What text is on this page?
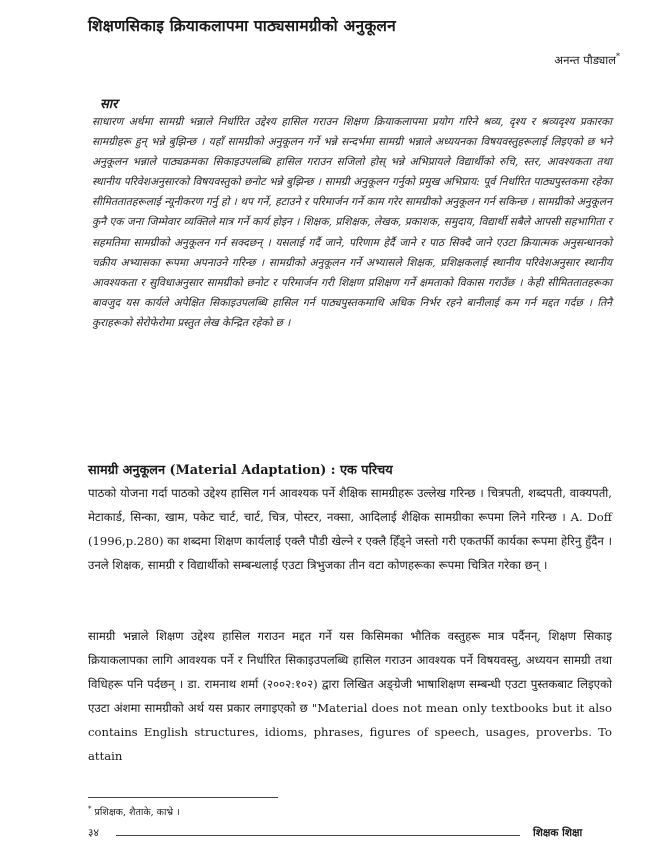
शिक्षणसिकाइ क्रियाकलापमा पाठ्यसामग्रीको अनुकूलन
अनन्त पौड्याल*
सार
साधारण अर्थमा सामग्री भन्नाले निर्धारित उद्देश्य हासिल गराउन शिक्षण क्रियाकलापमा प्रयोग गरिने श्रव्य, दृश्य र श्रव्यदृश्य प्रकारका सामग्रीहरू हुन् भन्ने बुझिन्छ । यहाँ सामग्रीको अनुकूलन गर्ने भन्ने सन्दर्भमा सामग्री भन्नाले अध्ययनका विषयवस्तुहरूलाई लिइएको छ भने अनुकूलन भन्नाले पाठ्यक्रमका सिकाइउपलब्धि हासिल गराउन सजिलो होस् भन्ने अभिप्रायले विद्यार्थीको रुचि, स्तर, आवश्यकता तथा स्थानीय परिवेशअनुसारको विषयवस्तुको छनोट भन्ने बुझिन्छ । सामग्री अनुकूलन गर्नुको प्रमुख अभिप्राय: पूर्व निर्धारित पाठ्यपुस्तकमा रहेका सीमिततातहरूलाई न्यूनीकरण गर्नु हो । थप गर्ने, हटाउने र परिमार्जन गर्ने काम गरेर सामग्रीको अनुकूलन गर्न सकिन्छ । सामग्रीको अनुकूलन कुनै एक जना जिम्मेवार व्यक्तिले मात्र गर्ने कार्य होइन । शिक्षक, प्रशिक्षक, लेखक, प्रकाशक, समुदाय, विद्यार्थी सबैले आपसी सहभागिता र सहमतिमा सामग्रीको अनुकूलन गर्न सक्दछन् । यसलाई गर्दै जाने, परिणाम हेर्दै जाने र पाठ सिक्दै जाने एउटा क्रियात्मक अनुसन्धानको चक्रीय अभ्यासका रूपमा अपनाउने गरिन्छ । सामग्रीको अनुकूलन गर्ने अभ्यासले शिक्षक, प्रशिक्षकलाई स्थानीय परिवेशअनुसार स्थानीय आवश्यकता र सुविधाअनुसार सामग्रीको छनोट र परिमार्जन गरी शिक्षण प्रशिक्षण गर्ने क्षमताको विकास गराउँछ । केही सीमिततातहरूका बावजुद यस कार्यले अपेक्षित सिकाइउपलब्धि हासिल गर्न पाठ्यपुस्तकमाथि अधिक निर्भर रहने बानीलाई कम गर्न मद्दत गर्दछ । तिनै कुराहरूको सेरोफेरोमा प्रस्तुत लेख केन्द्रित रहेको छ ।
सामग्री अनुकूलन (Material Adaptation) : एक परिचय
पाठको योजना गर्दा पाठको उद्देश्य हासिल गर्न आवश्यक पर्ने शैक्षिक सामग्रीहरू उल्लेख गरिन्छ । चित्रपती, शब्दपती, वाक्यपती, मेटाकार्ड, सिन्का, खाम, पकेट चार्ट, चार्ट, चित्र, पोस्टर, नक्सा, आदिलाई शैक्षिक सामग्रीका रूपमा लिने गरिन्छ । A. Doff (1996,p.280) का शब्दमा शिक्षण कार्यलाई एक्लै पौडी खेल्ने र एक्लै हिँड्ने जस्तो गरी एकतर्फी कार्यका रूपमा हेरिनु हुँदैन । उनले शिक्षक, सामग्री र विद्यार्थीको सम्बन्धलाई एउटा त्रिभुजका तीन वटा कोणहरूका रूपमा चित्रित गरेका छन् ।
सामग्री भन्नाले शिक्षण उद्देश्य हासिल गराउन मद्दत गर्ने यस किसिमका भौतिक वस्तुहरू मात्र पर्दैनन्, शिक्षण सिकाइ क्रियाकलापका लागि आवश्यक पर्ने र निर्धारित सिकाइउपलब्धि हासिल गराउन आवश्यक पर्ने विषयवस्तु, अध्ययन सामग्री तथा विधिहरू पनि पर्दछन् । डा. रामनाथ शर्मा (२००२:१०२) द्वारा लिखित अङ्ग्रेजी भाषाशिक्षण सम्बन्धी एउटा पुस्तकबाट लिइएको एउटा अंशमा सामग्रीको अर्थ यस प्रकार लगाइएको छ "Material does not mean only textbooks but it also contains English structures, idioms, phrases, figures of speech, usages, proverbs. To attain
* प्रशिक्षक, शैताके, काभ्रे ।
३४	शिक्षक शिक्षा
